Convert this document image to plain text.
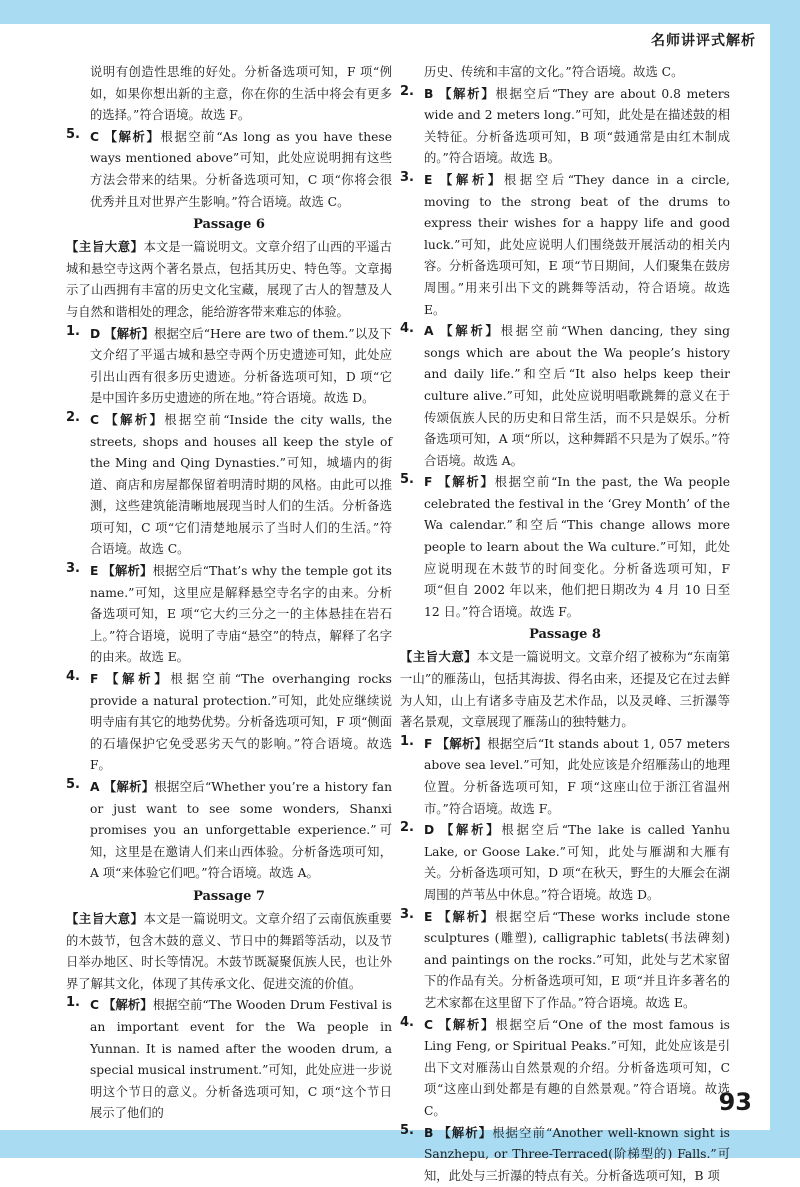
名师讲评式解析

说明有创造性思维的好处。分析备选项可知，F 项“例如，如果你想出新的主意，你在你的生活中将会有更多的选择。”符合语境。故选 F。

5. C 【解析】根据空前“As long as you have these ways mentioned above”可知，此处应说明拥有这些方法会带来的结果。分析备选项可知，C 项“你将会很优秀并且对世界产生影响。”符合语境。故选 C。

Passage 6

【主旨大意】本文是一篇说明文。文章介绍了山西的平遥古城和悬空寺这两个著名景点，包括其历史、特色等。文章揭示了山西拥有丰富的历史文化宝藏，展现了古人的智慧及人与自然和谐相处的理念，能给游客带来难忘的体验。

1. D 【解析】根据空后“Here are two of them.”以及下文介绍了平遥古城和悬空寺两个历史遗迹可知，此处应引出山西有很多历史遗迹。分析备选项可知，D 项“它是中国许多历史遗迹的所在地。”符合语境。故选 D。

2. C 【解析】根据空前“Inside the city walls, the streets, shops and houses all keep the style of the Ming and Qing Dynasties.”可知，城墙内的街道、商店和房屋都保留着明清时期的风格。由此可以推测，这些建筑能清晰地展现当时人们的生活。分析备选项可知，C 项“它们清楚地展示了当时人们的生活。”符合语境。故选 C。

3. E 【解析】根据空后“That’s why the temple got its name.”可知，这里应是解释悬空寺名字的由来。分析备选项可知，E 项“它大约三分之一的主体悬挂在岩石上。”符合语境，说明了寺庙“悬空”的特点，解释了名字的由来。故选 E。

4. F 【解析】根据空前“The overhanging rocks provide a natural protection.”可知，此处应继续说明寺庙有其它的地势优势。分析备选项可知，F 项“侧面的石墙保护它免受恶劣天气的影响。”符合语境。故选 F。

5. A 【解析】根据空后“Whether you’re a history fan or just want to see some wonders, Shanxi promises you an unforgettable experience.”可知，这里是在邀请人们来山西体验。分析备选项可知，A 项“来体验它们吧。”符合语境。故选 A。

Passage 7

【主旨大意】本文是一篇说明文。文章介绍了云南佤族重要的木鼓节，包含木鼓的意义、节日中的舞蹈等活动，以及节日举办地区、时长等情况。木鼓节既凝聚佤族人民，也让外界了解其文化，体现了其传承文化、促进交流的价值。

1. C 【解析】根据空前“The Wooden Drum Festival is an important event for the Wa people in Yunnan. It is named after the wooden drum, a special musical instrument.”可知，此处应进一步说明这个节日的意义。分析备选项可知，C 项“这个节日展示了他们的

历史、传统和丰富的文化。”符合语境。故选 C。

2. B 【解析】根据空后“They are about 0.8 meters wide and 2 meters long.”可知，此处是在描述鼓的相关特征。分析备选项可知，B 项“鼓通常是由红木制成的。”符合语境。故选 B。

3. E 【解析】根据空后“They dance in a circle, moving to the strong beat of the drums to express their wishes for a happy life and good luck.”可知，此处应说明人们围绕鼓开展活动的相关内容。分析备选项可知，E 项“节日期间，人们聚集在鼓房周围。”用来引出下文的跳舞等活动，符合语境。故选 E。

4. A 【解析】根据空前“When dancing, they sing songs which are about the Wa people’s history and daily life.”和空后“It also helps keep their culture alive.”可知，此处应说明唱歌跳舞的意义在于传颂佤族人民的历史和日常生活，而不只是娱乐。分析备选项可知，A 项“所以，这种舞蹈不只是为了娱乐。”符合语境。故选 A。

5. F 【解析】根据空前“In the past, the Wa people celebrated the festival in the ‘Grey Month’ of the Wa calendar.”和空后“This change allows more people to learn about the Wa culture.”可知，此处应说明现在木鼓节的时间变化。分析备选项可知，F 项“但自 2002 年以来，他们把日期改为 4 月 10 日至 12 日。”符合语境。故选 F。

Passage 8

【主旨大意】本文是一篇说明文。文章介绍了被称为“东南第一山”的雁荡山，包括其海拔、得名由来，还提及它在过去鲜为人知，山上有诸多寺庙及艺术作品，以及灵峰、三折瀑等著名景观，文章展现了雁荡山的独特魅力。

1. F 【解析】根据空后“It stands about 1, 057 meters above sea level.”可知，此处应该是介绍雁荡山的地理位置。分析备选项可知，F 项“这座山位于浙江省温州市。”符合语境。故选 F。

2. D 【解析】根据空后“The lake is called Yanhu Lake, or Goose Lake.”可知，此处与雁湖和大雁有关。分析备选项可知，D 项“在秋天，野生的大雁会在湖周围的芦苇丛中休息。”符合语境。故选 D。

3. E 【解析】根据空后“These works include stone sculptures (雕塑), calligraphic tablets(书法碑刻) and paintings on the rocks.”可知，此处与艺术家留下的作品有关。分析备选项可知，E 项“并且许多著名的艺术家都在这里留下了作品。”符合语境。故选 E。

4. C 【解析】根据空后“One of the most famous is Ling Feng, or Spiritual Peaks.”可知，此处应该是引出下文对雁荡山自然景观的介绍。分析备选项可知，C 项“这座山到处都是有趣的自然景观。”符合语境。故选 C。

5. B 【解析】根据空前“Another well-known sight is Sanzhepu, or Three-Terraced(阶梯型的) Falls.”可知，此处与三折瀑的特点有关。分析备选项可知，B 项

93
